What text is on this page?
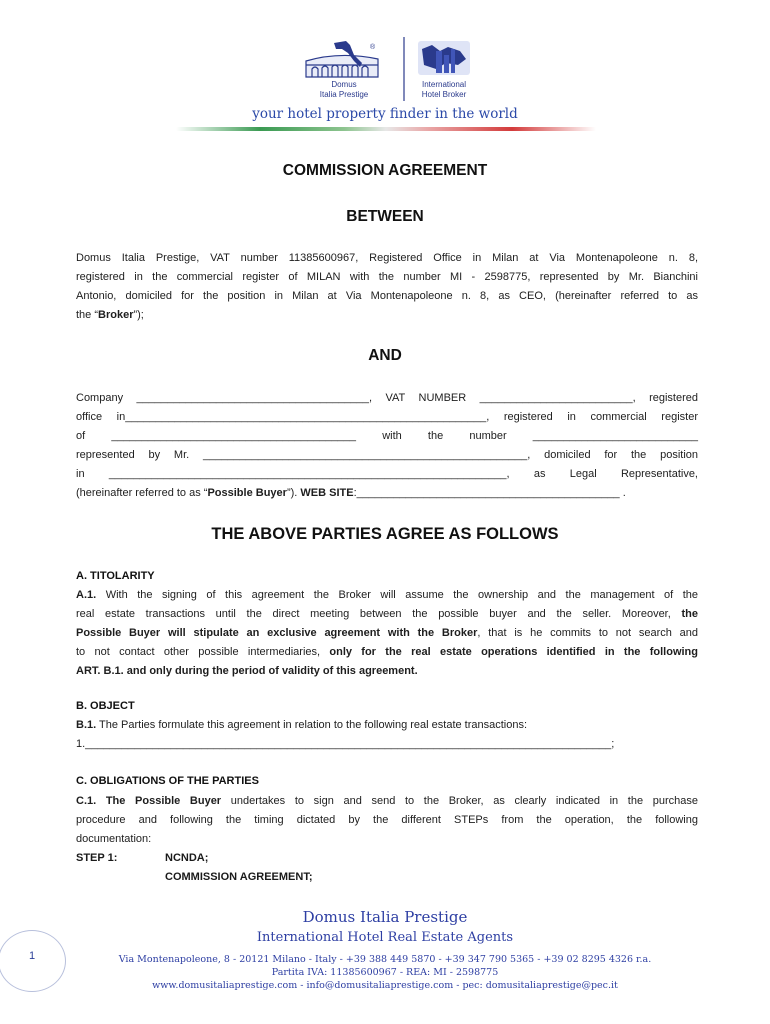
®
Domus
Italia Prestige
International
Hotel Broker
your hotel property finder in the world
COMMISSION AGREEMENT
BETWEEN
Domus Italia Prestige, VAT number 11385600967, Registered Office in Milan at Via Montenapoleone n. 8,
registered in the commercial register of MILAN with the number MI - 2598775, represented by Mr. Bianchini
Antonio, domiciled for the position in Milan at Via Montenapoleone n. 8, as CEO, (hereinafter referred to as
the “Broker”);
AND
Company ______________________________________, VAT NUMBER _________________________, registered
office in___________________________________________________________, registered in commercial register
of ________________________________________ with the number ___________________________
represented by Mr. _____________________________________________________, domiciled for the position
in _________________________________________________________________, as Legal Representative,
(hereinafter referred to as “Possible Buyer”). WEB SITE:___________________________________________ .
THE ABOVE PARTIES AGREE AS FOLLOWS
A. TITOLARITY
A.1. With the signing of this agreement the Broker will assume the ownership and the management of the
real estate transactions until the direct meeting between the possible buyer and the seller. Moreover, the
Possible Buyer will stipulate an exclusive agreement with the Broker, that is he commits to not search and
to not contact other possible intermediaries, only for the real estate operations identified in the following
ART. B.1. and only during the period of validity of this agreement.
B. OBJECT
B.1. The Parties formulate this agreement in relation to the following real estate transactions:
1.______________________________________________________________________________________;
C. OBLIGATIONS OF THE PARTIES
C.1. The Possible Buyer undertakes to sign and send to the Broker, as clearly indicated in the purchase
procedure and following the timing dictated by the different STEPs from the operation, the following
documentation:
STEP 1:	NCNDA;
COMMISSION AGREEMENT;
1
Domus Italia Prestige
International Hotel Real Estate Agents
Via Montenapoleone, 8 - 20121 Milano - Italy - +39 388 449 5870 - +39 347 790 5365 - +39 02 8295 4326 r.a.
Partita IVA: 11385600967 - REA: MI - 2598775
www.domusitaliaprestige.com - info@domusitaliaprestige.com - pec: domusitaliaprestige@pec.it
